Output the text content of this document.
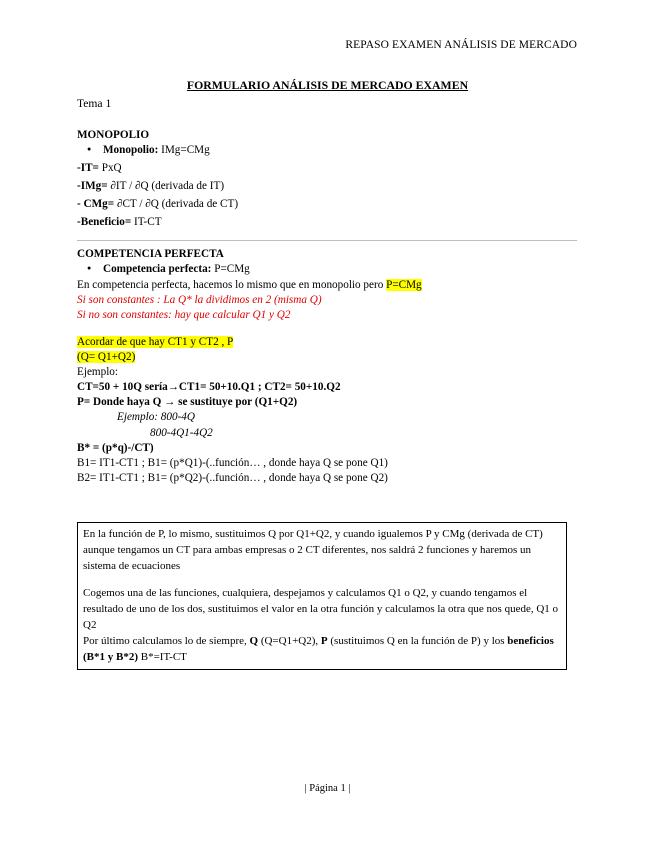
REPASO EXAMEN ANÁLISIS DE MERCADO
FORMULARIO ANÁLISIS DE MERCADO EXAMEN
Tema 1
MONOPOLIO
● Monopolio: IMg=CMg
-IT= PxQ
-IMg= ∂IT / ∂Q (derivada de IT)
- CMg= ∂CT / ∂Q (derivada de CT)
-Beneficio= IT-CT
COMPETENCIA PERFECTA
● Competencia perfecta: P=CMg
En competencia perfecta, hacemos lo mismo que en monopolio pero P=CMg
Si son constantes : La Q* la dividimos en 2 (misma Q)
Si no son constantes: hay que calcular Q1 y Q2
Acordar de que hay CT1 y CT2 , P
(Q= Q1+Q2)
Ejemplo:
CT=50 + 10Q sería→CT1= 50+10.Q1 ; CT2= 50+10.Q2
P= Donde haya Q → se sustituye por (Q1+Q2)
Ejemplo: 800-4Q
800-4Q1-4Q2
B* = (p*q)-/CT)
B1= IT1-CT1 ; B1= (p*Q1)-(..función… , donde haya Q se pone Q1)
B2= IT1-CT1 ; B1= (p*Q2)-(..función… , donde haya Q se pone Q2)

En la función de P, lo mismo, sustituimos Q por Q1+Q2, y cuando igualemos P y CMg (derivada de CT) aunque tengamos un CT para ambas empresas o 2 CT diferentes, nos saldrá 2 funciones y haremos un sistema de ecuaciones

Cogemos una de las funciones, cualquiera, despejamos y calculamos Q1 o Q2, y cuando tengamos el resultado de uno de los dos, sustituimos el valor en la otra función y calculamos la otra que nos quede, Q1 o Q2

Por último calculamos lo de siempre, Q (Q=Q1+Q2), P (sustituimos Q en la función de P) y los beneficios (B*1 y B*2) B*=IT-CT

| Página 1 |
